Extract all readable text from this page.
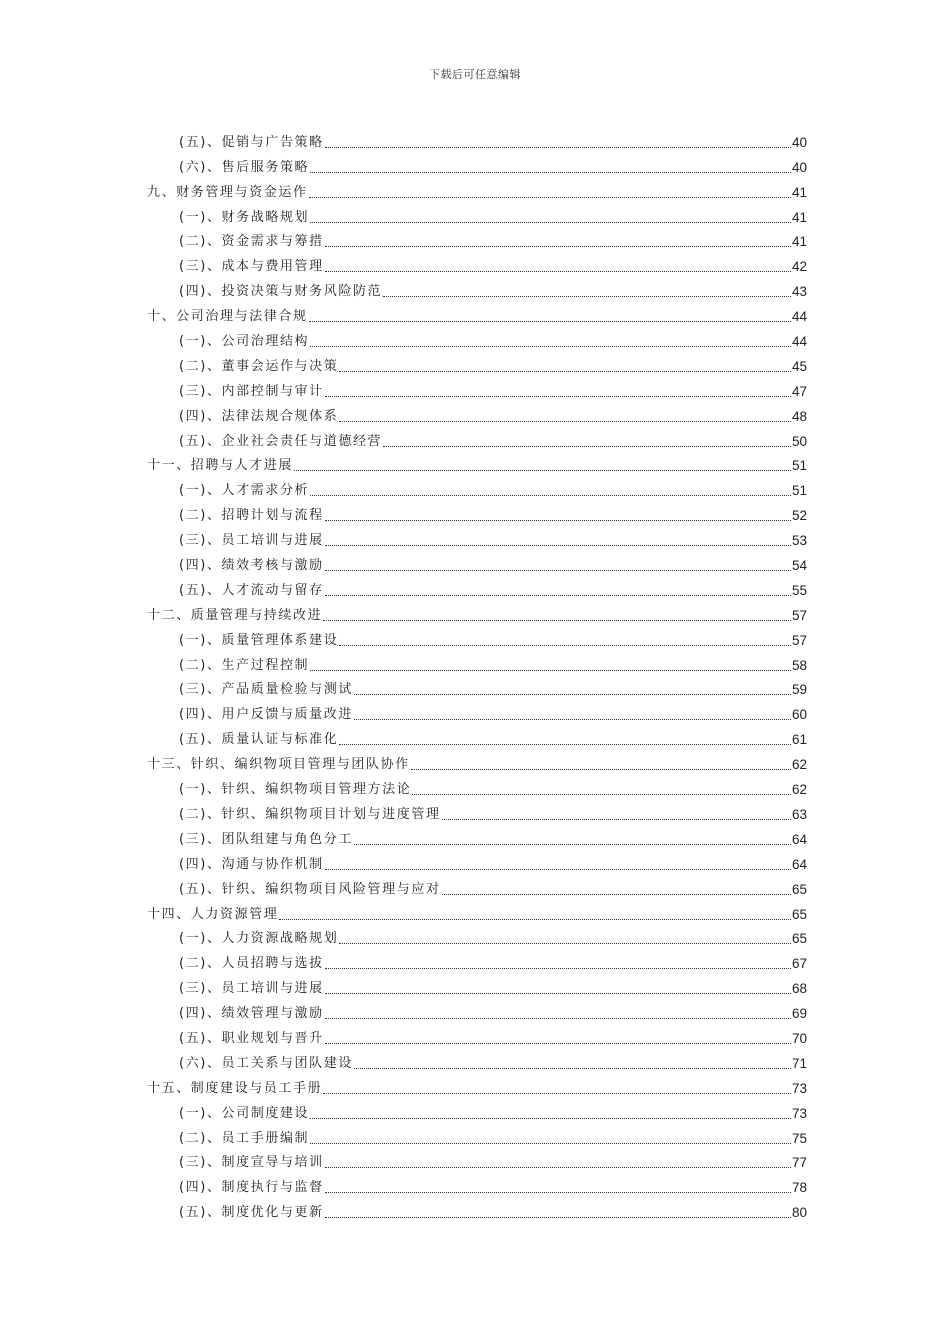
下载后可任意编辑
(五)、促销与广告策略	40
(六)、售后服务策略	40
九、财务管理与资金运作	41
(一)、财务战略规划	41
(二)、资金需求与筹措	41
(三)、成本与费用管理	42
(四)、投资决策与财务风险防范	43
十、公司治理与法律合规	44
(一)、公司治理结构	44
(二)、董事会运作与决策	45
(三)、内部控制与审计	47
(四)、法律法规合规体系	48
(五)、企业社会责任与道德经营	50
十一、招聘与人才进展	51
(一)、人才需求分析	51
(二)、招聘计划与流程	52
(三)、员工培训与进展	53
(四)、绩效考核与激励	54
(五)、人才流动与留存	55
十二、质量管理与持续改进	57
(一)、质量管理体系建设	57
(二)、生产过程控制	58
(三)、产品质量检验与测试	59
(四)、用户反馈与质量改进	60
(五)、质量认证与标准化	61
十三、针织、编织物项目管理与团队协作	62
(一)、针织、编织物项目管理方法论	62
(二)、针织、编织物项目计划与进度管理	63
(三)、团队组建与角色分工	64
(四)、沟通与协作机制	64
(五)、针织、编织物项目风险管理与应对	65
十四、人力资源管理	65
(一)、人力资源战略规划	65
(二)、人员招聘与选拔	67
(三)、员工培训与进展	68
(四)、绩效管理与激励	69
(五)、职业规划与晋升	70
(六)、员工关系与团队建设	71
十五、制度建设与员工手册	73
(一)、公司制度建设	73
(二)、员工手册编制	75
(三)、制度宣导与培训	77
(四)、制度执行与监督	78
(五)、制度优化与更新	80
